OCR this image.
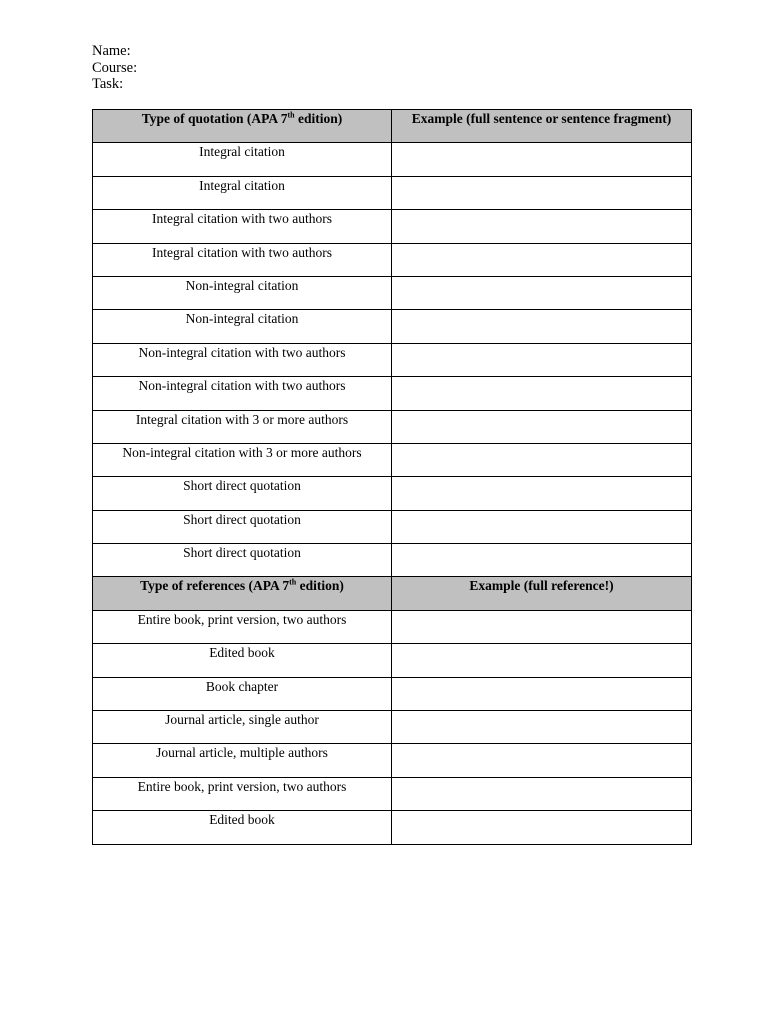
Name:
Course:
Task:
Type of quotation (APA 7th edition)	Example (full sentence or sentence fragment)
Integral citation	
Integral citation	
Integral citation with two authors	
Integral citation with two authors	
Non-integral citation	
Non-integral citation	
Non-integral citation with two authors	
Non-integral citation with two authors	
Integral citation with 3 or more authors	
Non-integral citation with 3 or more authors	
Short direct quotation	
Short direct quotation	
Short direct quotation	
Type of references (APA 7th edition)	Example (full reference!)
Entire book, print version, two authors	
Edited book	
Book chapter	
Journal article, single author	
Journal article, multiple authors	
Entire book, print version, two authors	
Edited book	
